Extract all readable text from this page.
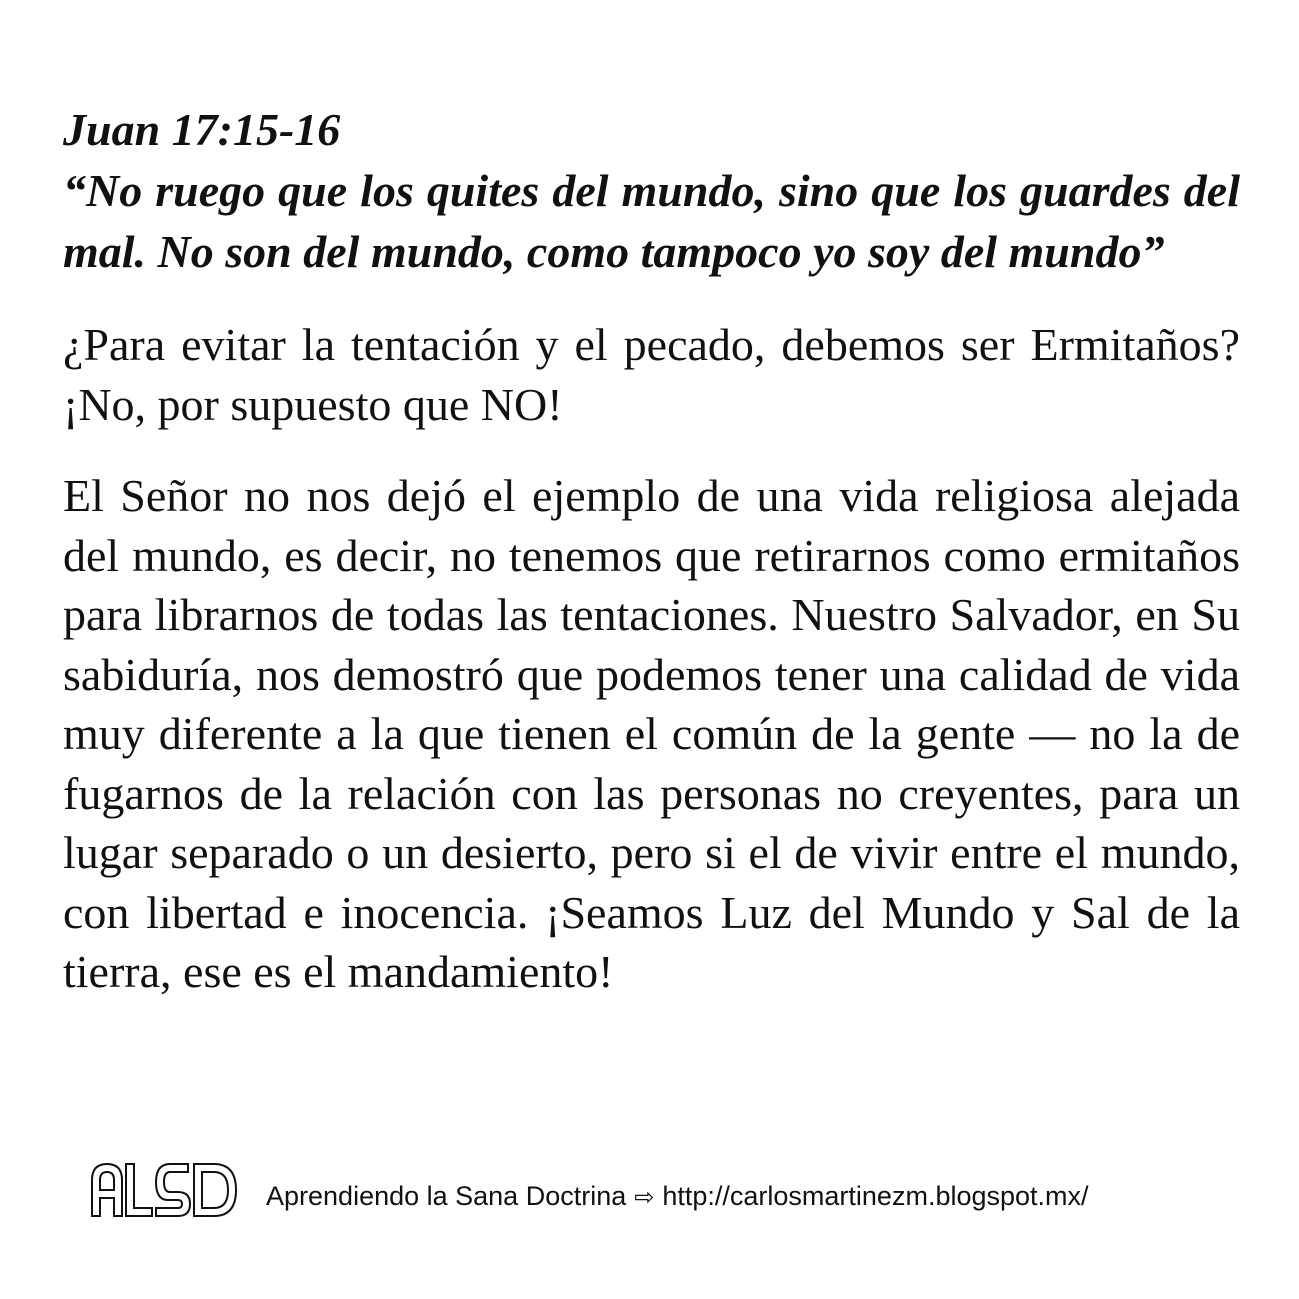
Juan 17:15-16

“No ruego que los quites del mundo, sino que los guardes del mal. No son del mundo, como tampoco yo soy del mundo”

¿Para evitar la tentación y el pecado, debemos ser Ermitaños? ¡No, por supuesto que NO!

El Señor no nos dejó el ejemplo de una vida religiosa alejada del mundo, es decir, no tenemos que retirarnos como ermitaños para librarnos de todas las tentaciones. Nuestro Salvador, en Su sabiduría, nos demostró que podemos tener una calidad de vida muy diferente a la que tienen el común de la gente — no la de fugarnos de la relación con las personas no creyentes, para un lugar separado o un desierto, pero si el de vivir entre el mundo, con libertad e inocencia. ¡Seamos Luz del Mundo y Sal de la tierra, ese es el mandamiento!

Aprendiendo la Sana Doctrina ⇨ http://carlosmartinezm.blogspot.mx/
